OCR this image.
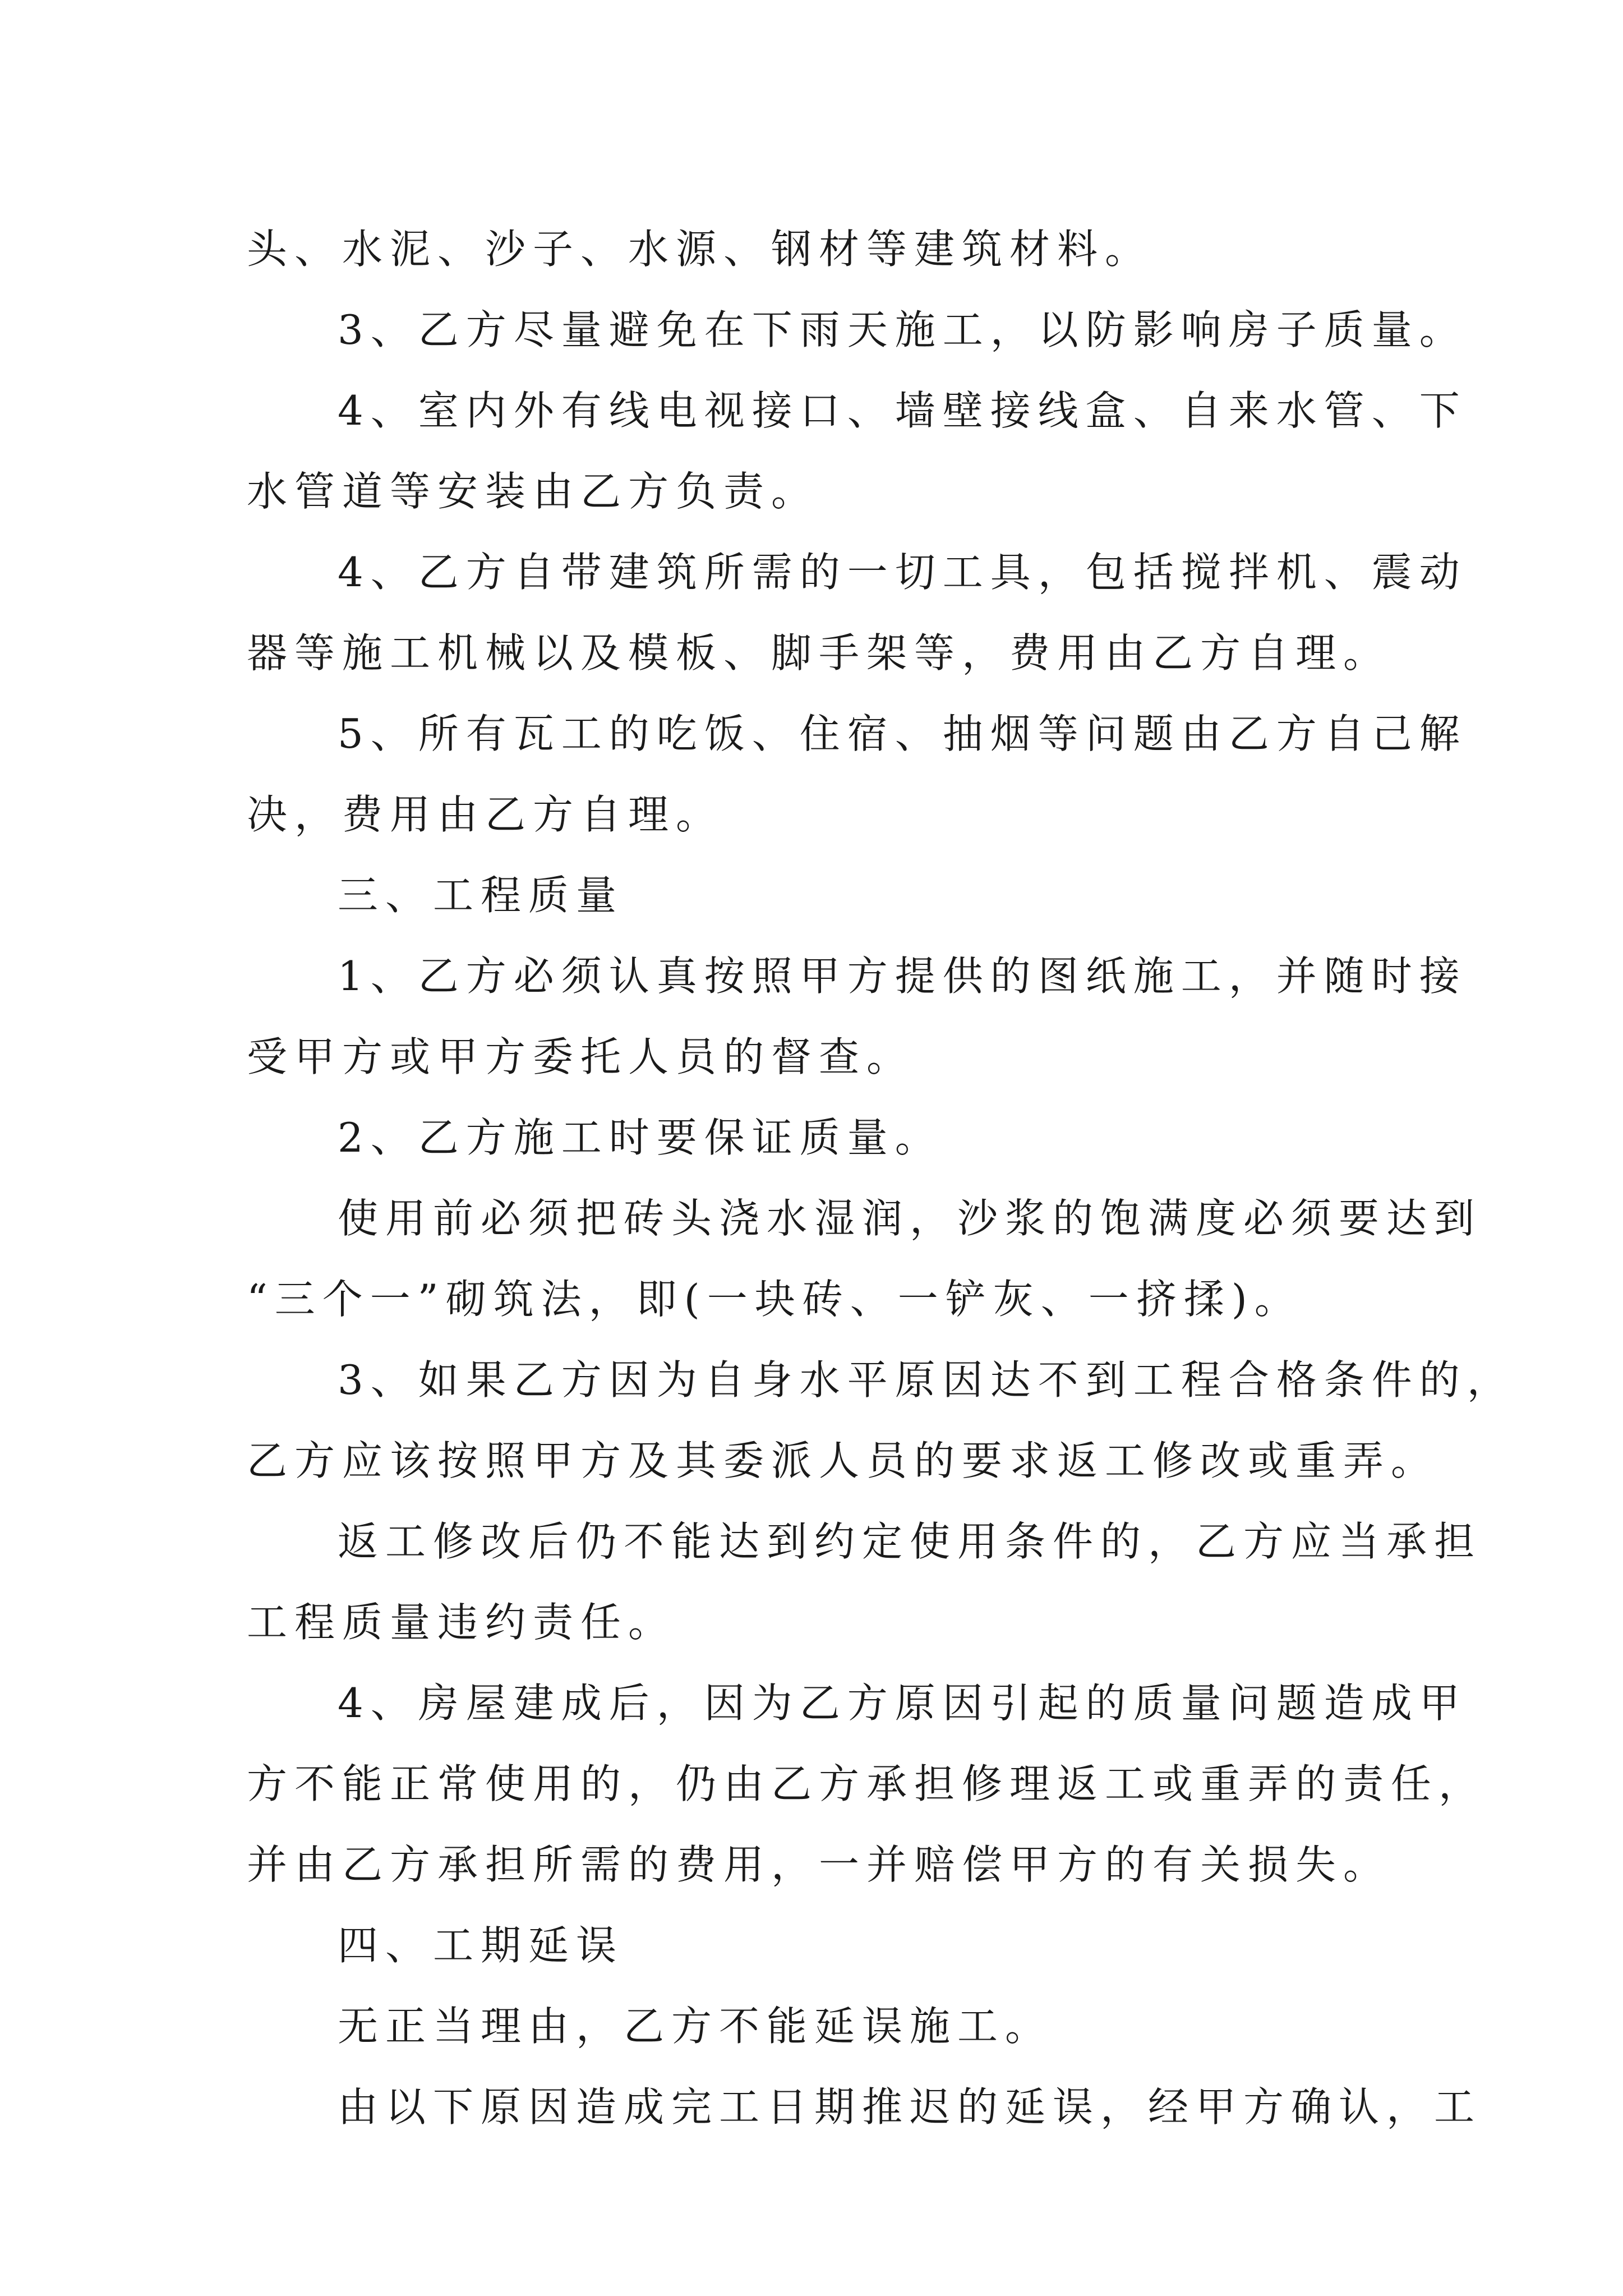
头、水泥、沙子、水源、钢材等建筑材料。
3、乙方尽量避免在下雨天施工，以防影响房子质量。
4、室内外有线电视接口、墙壁接线盒、自来水管、下
水管道等安装由乙方负责。
4、乙方自带建筑所需的一切工具，包括搅拌机、震动
器等施工机械以及模板、脚手架等，费用由乙方自理。
5、所有瓦工的吃饭、住宿、抽烟等问题由乙方自己解
决，费用由乙方自理。
三、工程质量
1、乙方必须认真按照甲方提供的图纸施工，并随时接
受甲方或甲方委托人员的督查。
2、乙方施工时要保证质量。
使用前必须把砖头浇水湿润，沙浆的饱满度必须要达到
“三个一”砌筑法，即(一块砖、一铲灰、一挤揉)。
3、如果乙方因为自身水平原因达不到工程合格条件的，
乙方应该按照甲方及其委派人员的要求返工修改或重弄。
返工修改后仍不能达到约定使用条件的，乙方应当承担
工程质量违约责任。
4、房屋建成后，因为乙方原因引起的质量问题造成甲
方不能正常使用的，仍由乙方承担修理返工或重弄的责任，
并由乙方承担所需的费用，一并赔偿甲方的有关损失。
四、工期延误
无正当理由，乙方不能延误施工。
由以下原因造成完工日期推迟的延误，经甲方确认，工
